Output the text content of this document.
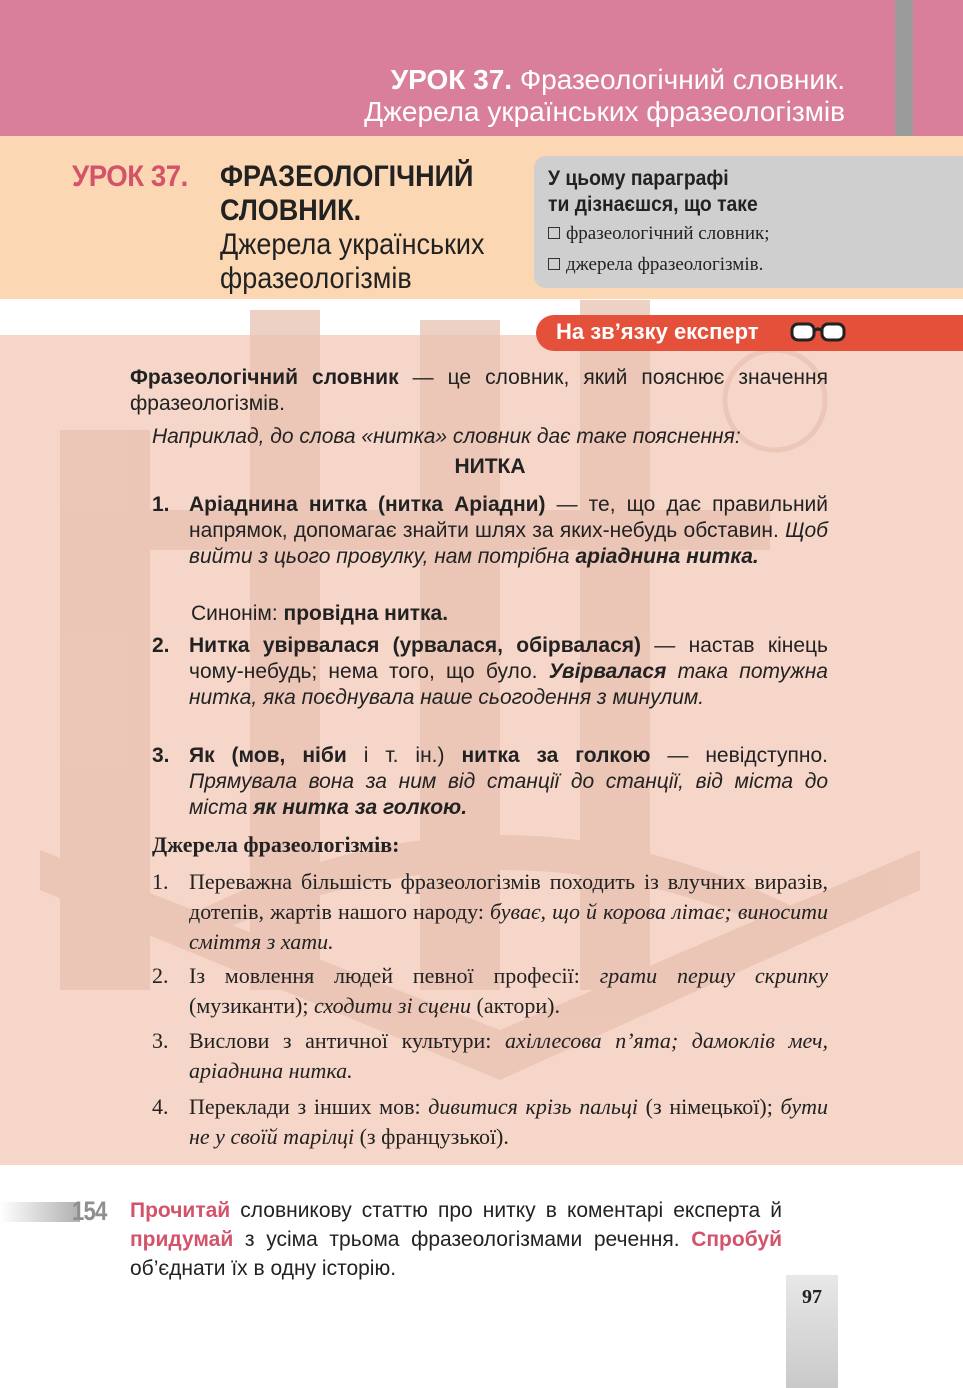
УРОК 37. Фразеологічний словник.
Джерела українських фразеологізмів
УРОК 37. ФРАЗЕОЛОГІЧНИЙ
СЛОВНИК.
Джерела українських
фразеологізмів
У цьому параграфі
ти дізнаєшся, що таке
фразеологічний словник;
джерела фразеологізмів.
На зв’язку експерт
Фразеологічний словник — це словник, який пояснює значення фразеологізмів.
Наприклад, до слова «нитка» словник дає таке пояснення:
НИТКА
1. Аріаднина нитка (нитка Аріадни) — те, що дає правильний напрямок, допомагає знайти шлях за яких-небудь обставин. Щоб вийти з цього провулку, нам потрібна аріаднина нитка.
Синонім: провідна нитка.
2. Нитка увірвалася (урвалася, обірвалася) — настав кінець чому-небудь; нема того, що було. Увірвалася така потужна нитка, яка поєднувала наше сьогодення з минулим.
3. Як (мов, ніби і т. ін.) нитка за голкою — невідступно. Прямувала вона за ним від станції до станції, від міста до міста як нитка за голкою.
Джерела фразеологізмів:
1. Переважна більшість фразеологізмів походить із влучних виразів, дотепів, жартів нашого народу: буває, що й корова літає; виносити сміття з хати.
2. Із мовлення людей певної професії: грати першу скрипку (музиканти); сходити зі сцени (актори).
3. Вислови з античної культури: ахіллесова п’ята; дамоклів меч, аріаднина нитка.
4. Переклади з інших мов: дивитися крізь пальці (з німецької); бути не у своїй тарілці (з французької).
154 Прочитай словникову статтю про нитку в коментарі експерта й придумай з усіма трьома фразеологізмами речення. Спробуй об’єднати їх в одну історію.
97
